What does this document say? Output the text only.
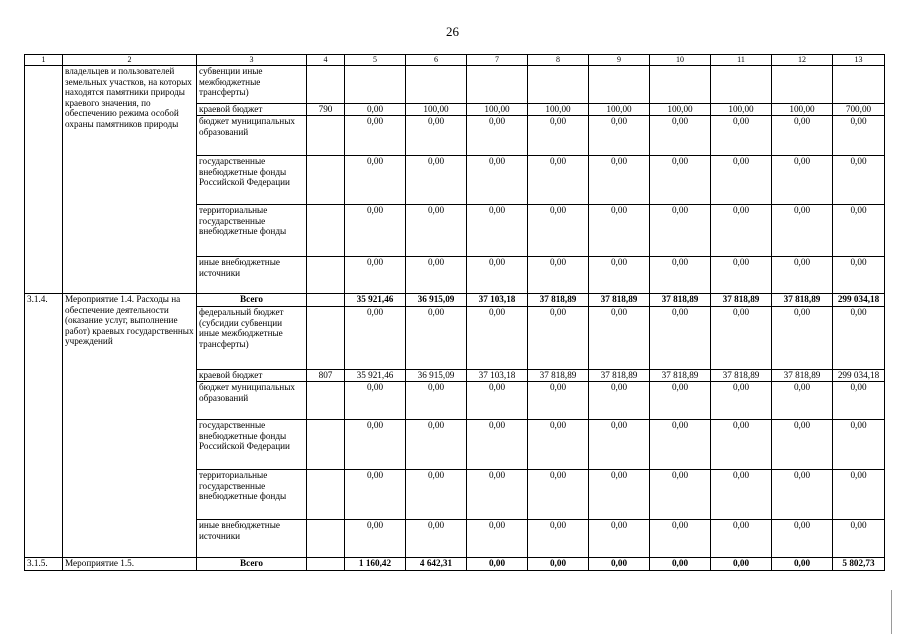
26
1	2	3	4	5	6	7	8	9	10	11	12	13
	владельцев и пользователей земельных участков, на которых находятся памятники природы краевого значения, по обеспечению режима особой охраны памятников природы	субвенции иные межбюджетные трансферты)										
		краевой бюджет	790	0,00	100,00	100,00	100,00	100,00	100,00	100,00	100,00	700,00
		бюджет муниципальных образований		0,00	0,00	0,00	0,00	0,00	0,00	0,00	0,00	0,00
		государственные внебюджетные фонды Российской Федерации		0,00	0,00	0,00	0,00	0,00	0,00	0,00	0,00	0,00
		территориальные государственные внебюджетные фонды		0,00	0,00	0,00	0,00	0,00	0,00	0,00	0,00	0,00
		иные внебюджетные источники		0,00	0,00	0,00	0,00	0,00	0,00	0,00	0,00	0,00
3.1.4.	Мероприятие 1.4. Расходы на обеспечение деятельности (оказание услуг, выполнение работ) краевых государственных учреждений	Всего		35 921,46	36 915,09	37 103,18	37 818,89	37 818,89	37 818,89	37 818,89	37 818,89	299 034,18
		федеральный бюджет (субсидии субвенции иные межбюджетные трансферты)		0,00	0,00	0,00	0,00	0,00	0,00	0,00	0,00	0,00
		краевой бюджет	807	35 921,46	36 915,09	37 103,18	37 818,89	37 818,89	37 818,89	37 818,89	37 818,89	299 034,18
		бюджет муниципальных образований		0,00	0,00	0,00	0,00	0,00	0,00	0,00	0,00	0,00
		государственные внебюджетные фонды Российской Федерации		0,00	0,00	0,00	0,00	0,00	0,00	0,00	0,00	0,00
		территориальные государственные внебюджетные фонды		0,00	0,00	0,00	0,00	0,00	0,00	0,00	0,00	0,00
		иные внебюджетные источники		0,00	0,00	0,00	0,00	0,00	0,00	0,00	0,00	0,00
3.1.5.	Мероприятие 1.5.	Всего		1 160,42	4 642,31	0,00	0,00	0,00	0,00	0,00	0,00	5 802,73
